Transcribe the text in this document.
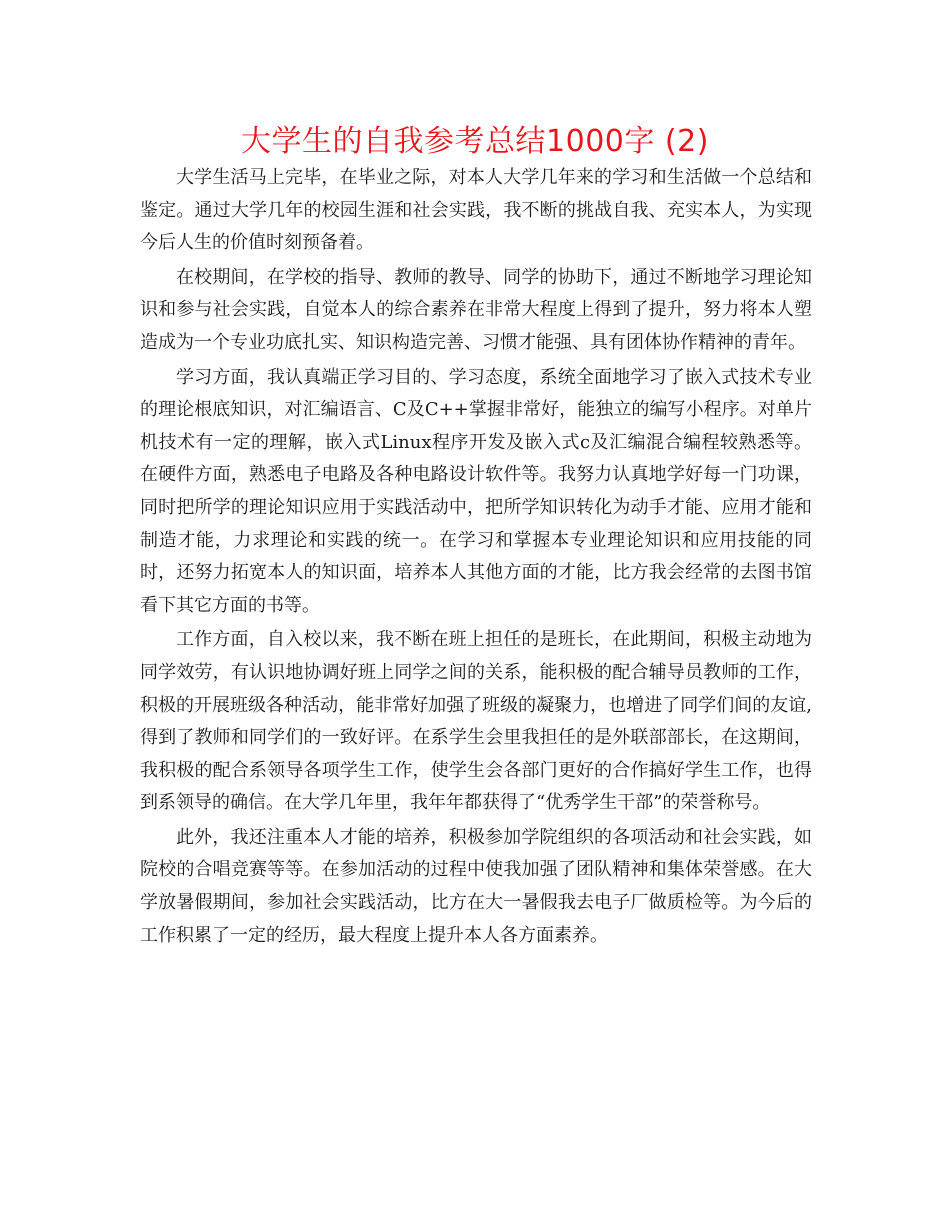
大学生的自我参考总结1000字 (2)

大学生活马上完毕，在毕业之际，对本人大学几年来的学习和生活做一个总结和鉴定。通过大学几年的校园生涯和社会实践，我不断的挑战自我、充实本人，为实现今后人生的价值时刻预备着。

在校期间，在学校的指导、教师的教导、同学的协助下，通过不断地学习理论知识和参与社会实践，自觉本人的综合素养在非常大程度上得到了提升，努力将本人塑造成为一个专业功底扎实、知识构造完善、习惯才能强、具有团体协作精神的青年。

学习方面，我认真端正学习目的、学习态度，系统全面地学习了嵌入式技术专业的理论根底知识，对汇编语言、C及C++掌握非常好，能独立的编写小程序。对单片机技术有一定的理解，嵌入式Linux程序开发及嵌入式c及汇编混合编程较熟悉等。在硬件方面，熟悉电子电路及各种电路设计软件等。我努力认真地学好每一门功课，同时把所学的理论知识应用于实践活动中，把所学知识转化为动手才能、应用才能和制造才能，力求理论和实践的统一。在学习和掌握本专业理论知识和应用技能的同时，还努力拓宽本人的知识面，培养本人其他方面的才能，比方我会经常的去图书馆看下其它方面的书等。

工作方面，自入校以来，我不断在班上担任的是班长，在此期间，积极主动地为同学效劳，有认识地协调好班上同学之间的关系，能积极的配合辅导员教师的工作，积极的开展班级各种活动，能非常好加强了班级的凝聚力，也增进了同学们间的友谊,得到了教师和同学们的一致好评。在系学生会里我担任的是外联部部长，在这期间，我积极的配合系领导各项学生工作，使学生会各部门更好的合作搞好学生工作，也得到系领导的确信。在大学几年里，我年年都获得了“优秀学生干部”的荣誉称号。

此外，我还注重本人才能的培养，积极参加学院组织的各项活动和社会实践，如院校的合唱竞赛等等。在参加活动的过程中使我加强了团队精神和集体荣誉感。在大学放暑假期间，参加社会实践活动，比方在大一暑假我去电子厂做质检等。为今后的工作积累了一定的经历，最大程度上提升本人各方面素养。
